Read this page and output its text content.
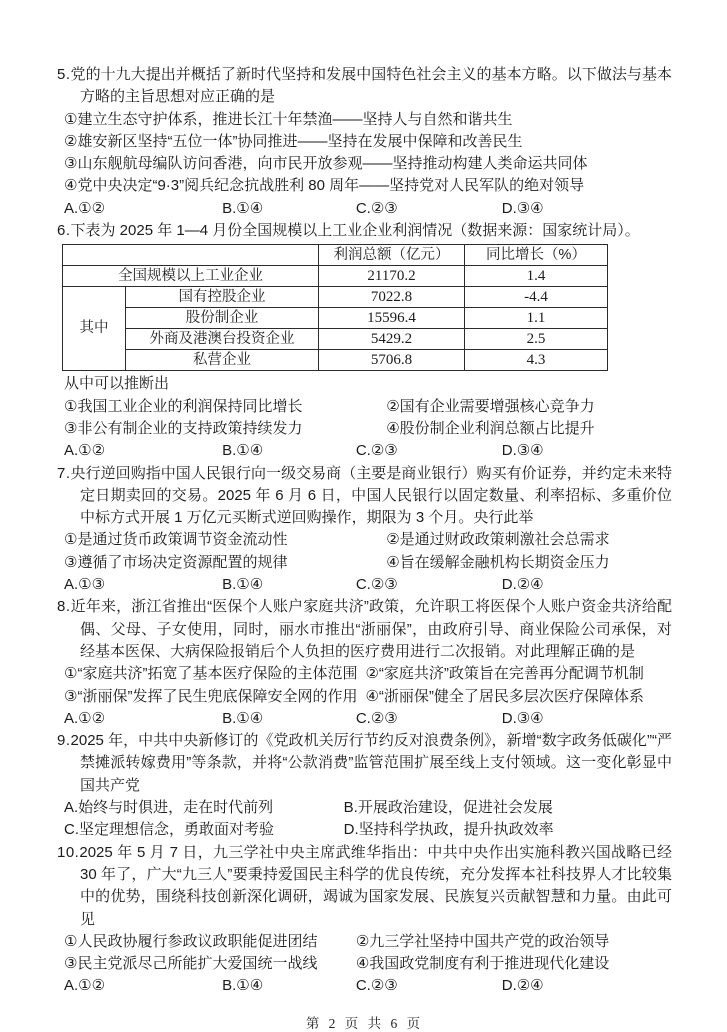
5.党的十九大提出并概括了新时代坚持和发展中国特色社会主义的基本方略。以下做法与基本方略的主旨思想对应正确的是
①建立生态守护体系，推进长江十年禁渔——坚持人与自然和谐共生
②雄安新区坚持“五位一体”协同推进——坚持在发展中保障和改善民生
③山东舰航母编队访问香港，向市民开放参观——坚持推动构建人类命运共同体
④党中央决定“9·3”阅兵纪念抗战胜利 80 周年——坚持党对人民军队的绝对领导
A.①②	B.①④	C.②③	D.③④
6.下表为 2025 年 1—4 月份全国规模以上工业企业利润情况（数据来源：国家统计局）。
		利润总额（亿元）	同比增长（%）
全国规模以上工业企业		21170.2	1.4
其中	国有控股企业	7022.8	-4.4
	股份制企业	15596.4	1.1
	外商及港澳台投资企业	5429.2	2.5
	私营企业	5706.8	4.3
从中可以推断出
①我国工业企业的利润保持同比增长	②国有企业需要增强核心竞争力
③非公有制企业的支持政策持续发力	④股份制企业利润总额占比提升
A.①②	B.①④	C.②③	D.③④
7.央行逆回购指中国人民银行向一级交易商（主要是商业银行）购买有价证券，并约定未来特定日期卖回的交易。2025 年 6 月 6 日，中国人民银行以固定数量、利率招标、多重价位中标方式开展 1 万亿元买断式逆回购操作，期限为 3 个月。央行此举
①是通过货币政策调节资金流动性	②是通过财政政策刺激社会总需求
③遵循了市场决定资源配置的规律	④旨在缓解金融机构长期资金压力
A.①③	B.①④	C.②③	D.②④
8.近年来，浙江省推出“医保个人账户家庭共济”政策，允许职工将医保个人账户资金共济给配偶、父母、子女使用，同时，丽水市推出“浙丽保”，由政府引导、商业保险公司承保，对经基本医保、大病保险报销后个人负担的医疗费用进行二次报销。对此理解正确的是
①“家庭共济”拓宽了基本医疗保险的主体范围 ②“家庭共济”政策旨在完善再分配调节机制
③“浙丽保”发挥了民生兜底保障安全网的作用 ④“浙丽保”健全了居民多层次医疗保障体系
A.①②	B.①④	C.②③	D.③④
9.2025 年，中共中央新修订的《党政机关厉行节约反对浪费条例》，新增“数字政务低碳化”“严禁摊派转嫁费用”等条款，并将“公款消费”监管范围扩展至线上支付领域。这一变化彰显中国共产党
A.始终与时俱进，走在时代前列	B.开展政治建设，促进社会发展
C.坚定理想信念，勇敢面对考验	D.坚持科学执政，提升执政效率
10.2025 年 5 月 7 日，九三学社中央主席武维华指出：中共中央作出实施科教兴国战略已经 30 年了，广大“九三人”要秉持爱国民主科学的优良传统，充分发挥本社科技界人才比较集中的优势，围绕科技创新深化调研，竭诚为国家发展、民族复兴贡献智慧和力量。由此可见
①人民政协履行参政议政职能促进团结	②九三学社坚持中国共产党的政治领导
③民主党派尽己所能扩大爱国统一战线	④我国政党制度有利于推进现代化建设
A.①②	B.①④	C.②③	D.②④
第 2 页 共 6 页
